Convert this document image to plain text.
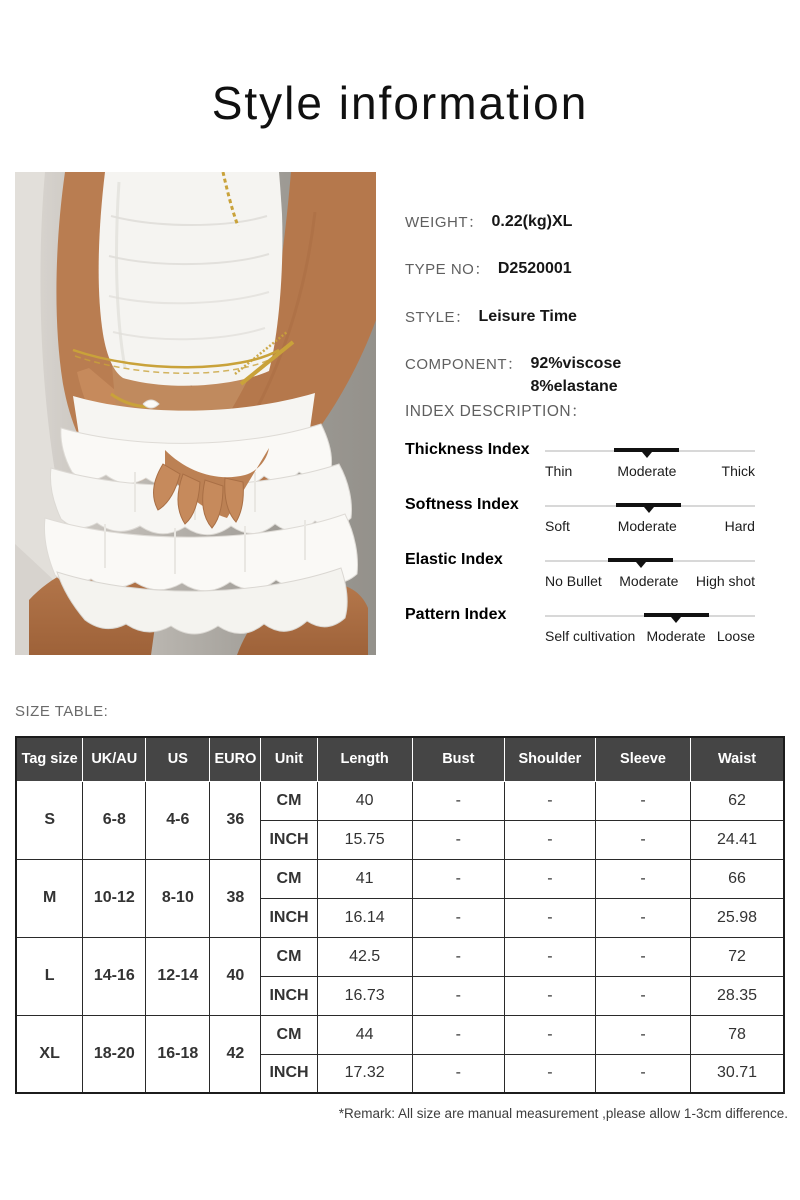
Style information
WEIGHT： 0.22(kg)XL
TYPE NO： D2520001
STYLE： Leisure Time
COMPONENT： 92%viscose
8%elastane
INDEX DESCRIPTION：
Thickness Index
Thin	Moderate	Thick
Softness Index
Soft	Moderate	Hard
Elastic Index
No Bullet Moderate High shot
Pattern Index
Self cultivation Moderate Loose
SIZE TABLE:
Tag size	UK/AU	US	EURO	Unit	Length	Bust	Shoulder	Sleeve	Waist
S	6-8	4-6	36	CM	40	-	-	-	62
				INCH	15.75	-	-	-	24.41
M	10-12	8-10	38	CM	41	-	-	-	66
				INCH	16.14	-	-	-	25.98
L	14-16	12-14	40	CM	42.5	-	-	-	72
				INCH	16.73	-	-	-	28.35
XL	18-20	16-18	42	CM	44	-	-	-	78
				INCH	17.32	-	-	-	30.71
*Remark: All size are manual measurement ,please allow 1-3cm difference.
